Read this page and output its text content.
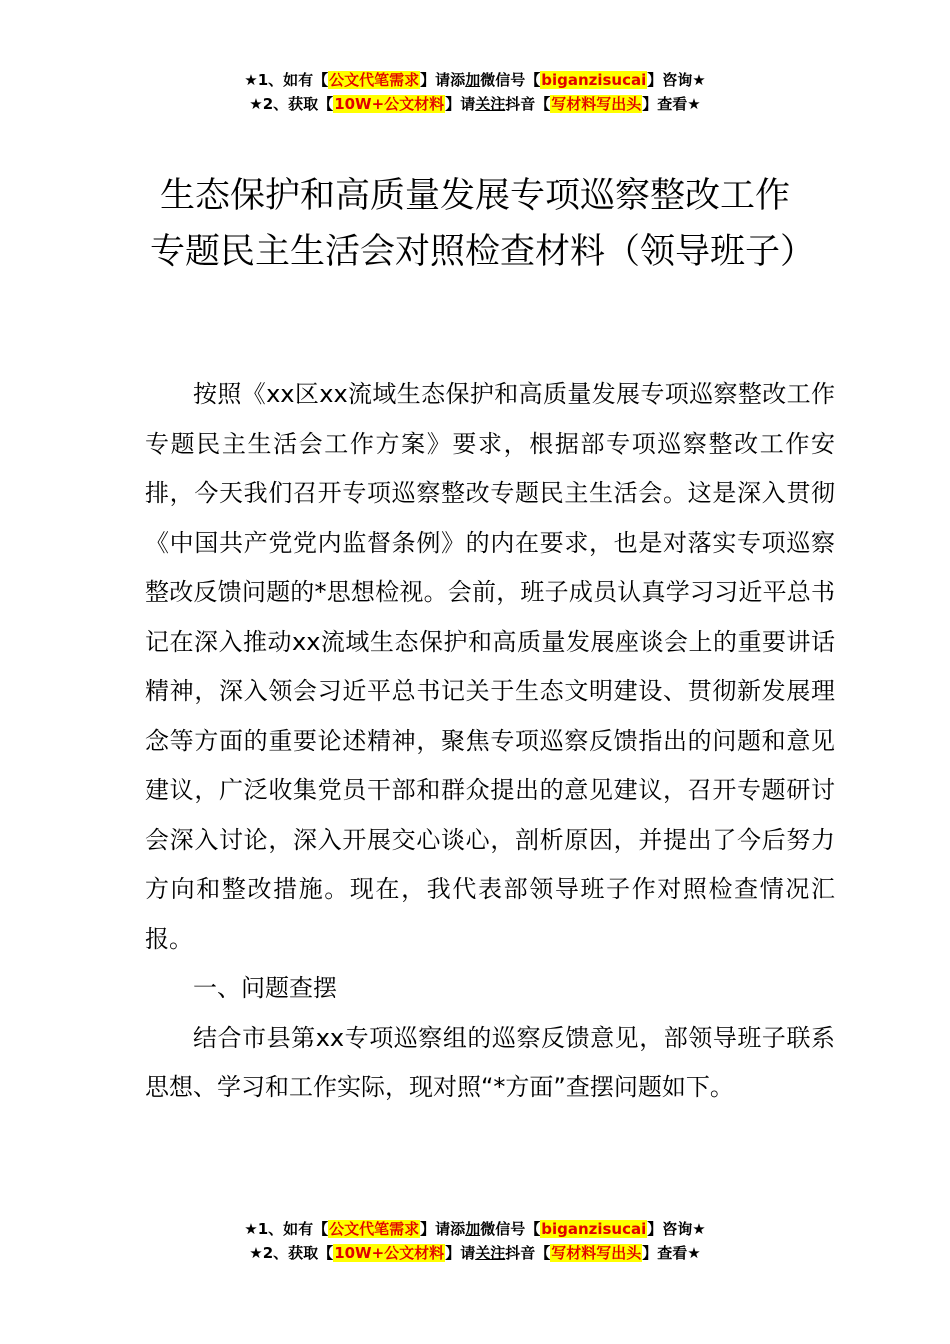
★1、如有【公文代笔需求】请添加微信号【biganzisucai】咨询★
★2、获取【10W+公文材料】请关注抖音【写材料写出头】查看★
生态保护和高质量发展专项巡察整改工作专题民主生活会对照检查材料（领导班子）

按照《xx区xx流域生态保护和高质量发展专项巡察整改工作专题民主生活会工作方案》要求，根据部专项巡察整改工作安排，今天我们召开专项巡察整改专题民主生活会。这是深入贯彻《中国共产党党内监督条例》的内在要求，也是对落实专项巡察整改反馈问题的*思想检视。会前，班子成员认真学习习近平总书记在深入推动xx流域生态保护和高质量发展座谈会上的重要讲话精神，深入领会习近平总书记关于生态文明建设、贯彻新发展理念等方面的重要论述精神，聚焦专项巡察反馈指出的问题和意见建议，广泛收集党员干部和群众提出的意见建议，召开专题研讨会深入讨论，深入开展交心谈心，剖析原因，并提出了今后努力方向和整改措施。现在，我代表部领导班子作对照检查情况汇报。

一、问题查摆

结合市县第xx专项巡察组的巡察反馈意见，部领导班子联系思想、学习和工作实际，现对照“*方面”查摆问题如下。

★1、如有【公文代笔需求】请添加微信号【biganzisucai】咨询★
★2、获取【10W+公文材料】请关注抖音【写材料写出头】查看★
